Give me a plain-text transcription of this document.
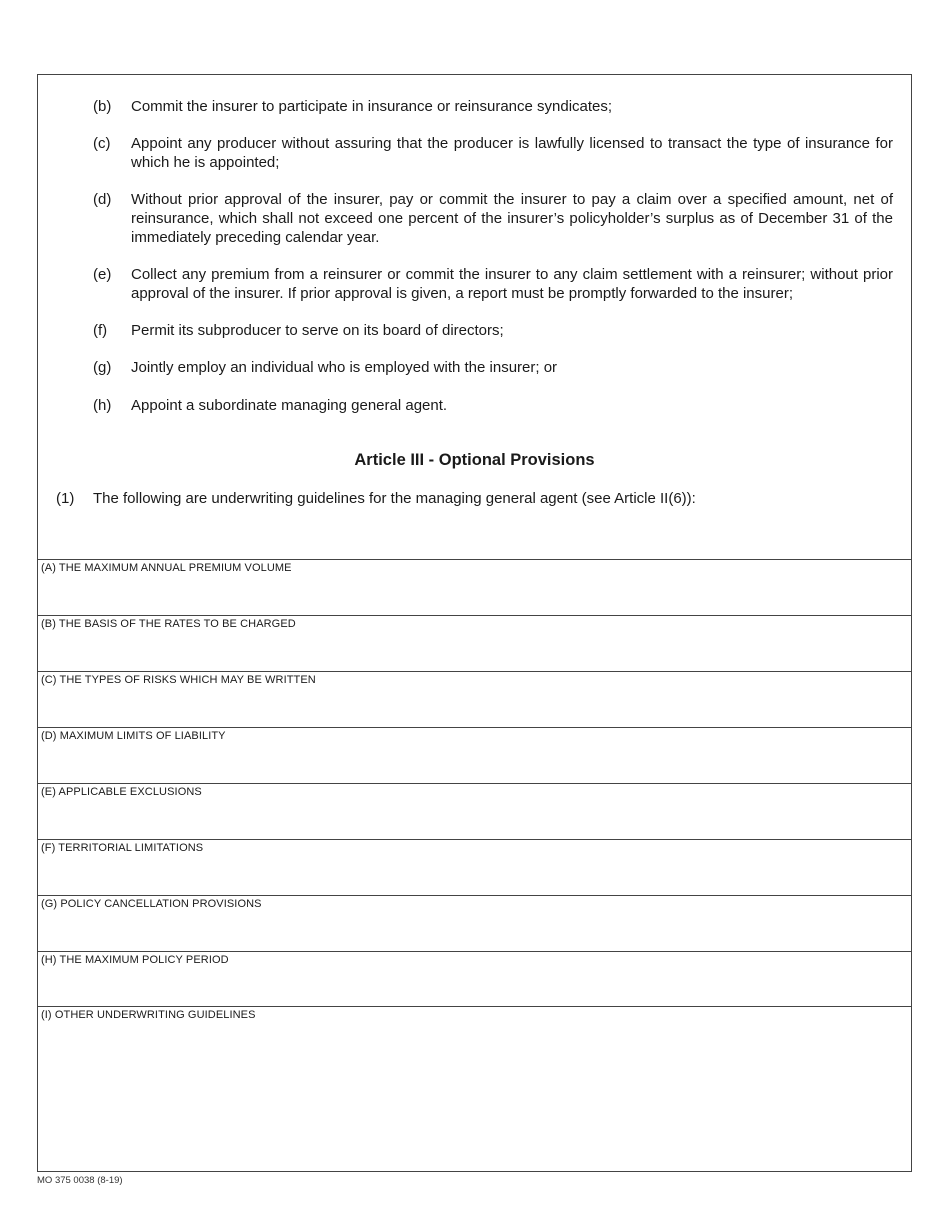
(b)	Commit the insurer to participate in insurance or reinsurance syndicates;
(c)	Appoint any producer without assuring that the producer is lawfully licensed to transact the type of insurance for which he is appointed;
(d)	Without prior approval of the insurer, pay or commit the insurer to pay a claim over a specified amount, net of reinsurance, which shall not exceed one percent of the insurer’s policyholder’s surplus as of December 31 of the immediately preceding calendar year.
(e)	Collect any premium from a reinsurer or commit the insurer to any claim settlement with a reinsurer; without prior approval of the insurer. If prior approval is given, a report must be promptly forwarded to the insurer;
(f)	Permit its subproducer to serve on its board of directors;
(g)	Jointly employ an individual who is employed with the insurer; or
(h)	Appoint a subordinate managing general agent.
Article III - Optional Provisions
(1) The following are underwriting guidelines for the managing general agent (see Article II(6)):
(A) THE MAXIMUM ANNUAL PREMIUM VOLUME
(B) THE BASIS OF THE RATES TO BE CHARGED
(C) THE TYPES OF RISKS WHICH MAY BE WRITTEN
(D) MAXIMUM LIMITS OF LIABILITY
(E) APPLICABLE EXCLUSIONS
(F) TERRITORIAL LIMITATIONS
(G) POLICY CANCELLATION PROVISIONS
(H) THE MAXIMUM POLICY PERIOD
(I) OTHER UNDERWRITING GUIDELINES
MO 375 0038 (8-19)
